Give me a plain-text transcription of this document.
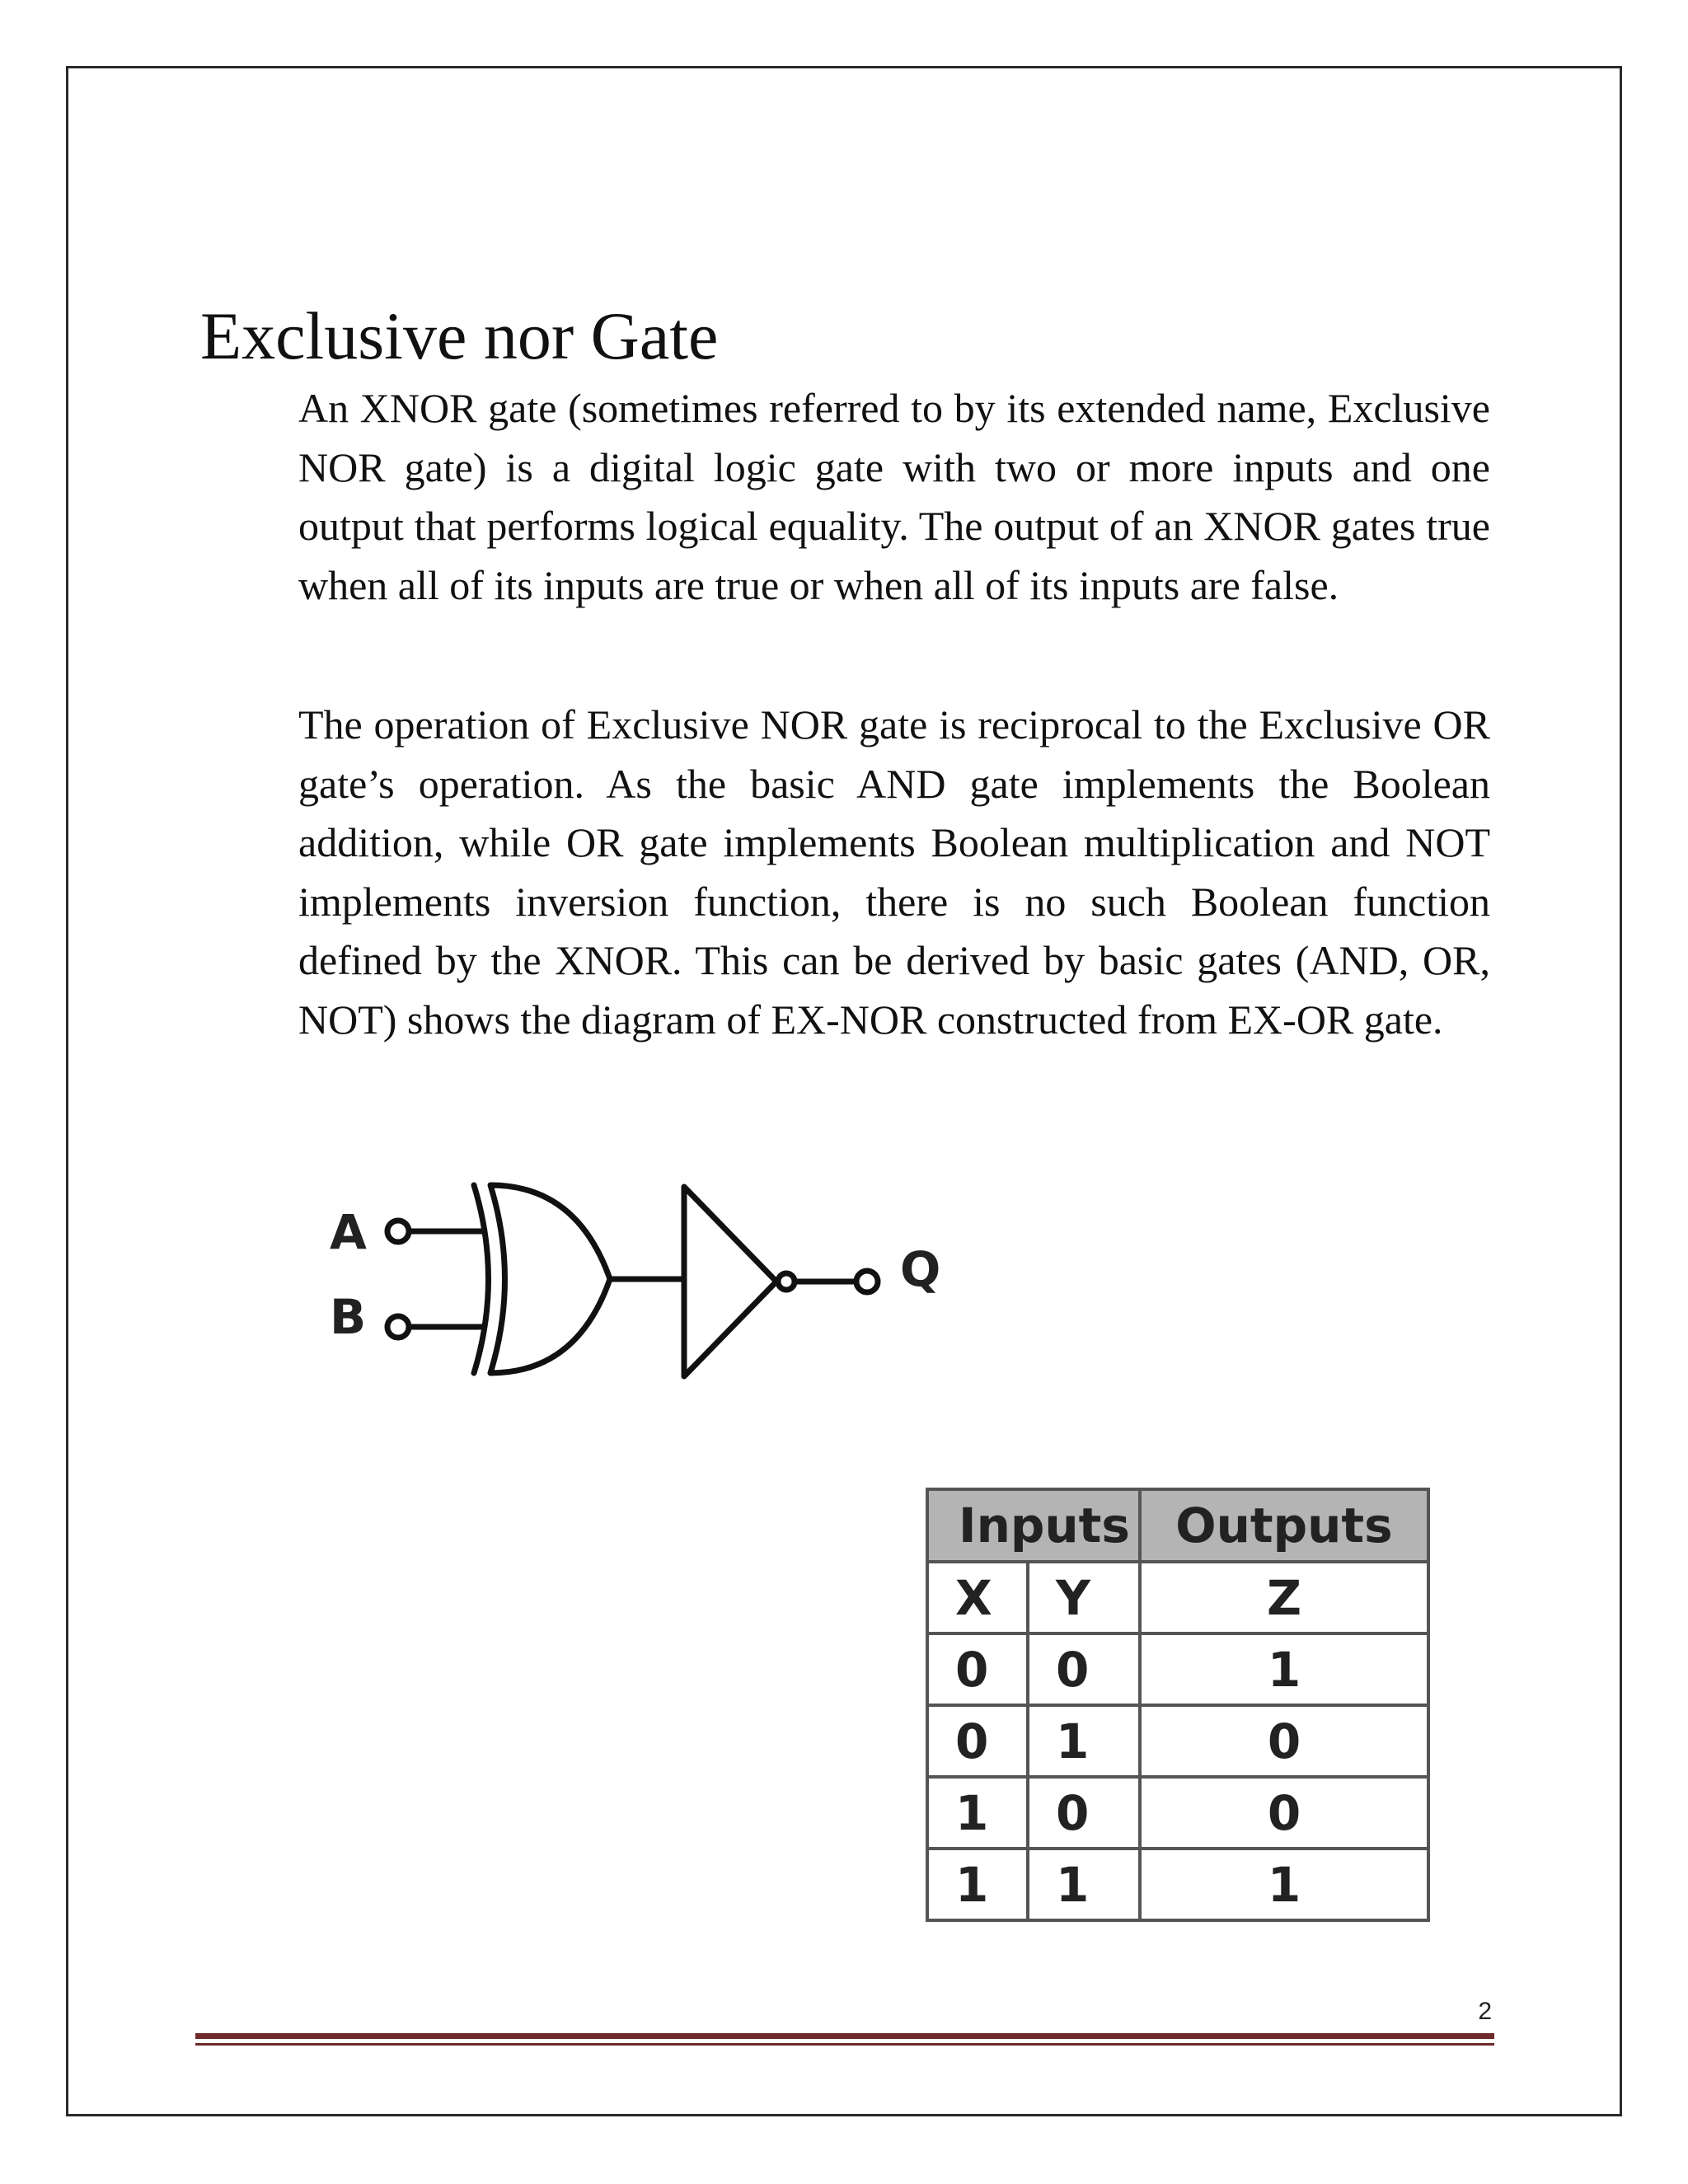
Exclusive nor Gate

An XNOR gate (sometimes referred to by its extended name, Exclusive NOR gate) is a digital logic gate with two or more inputs and one output that performs logical equality. The output of an XNOR gates true when all of its inputs are true or when all of its inputs are false.

The operation of Exclusive NOR gate is reciprocal to the Exclusive OR gate’s operation. As the basic AND gate implements the Boolean addition, while OR gate implements Boolean multiplication and NOT implements inversion function, there is no such Boolean function defined by the XNOR. This can be derived by basic gates (AND, OR, NOT) shows the diagram of EX-NOR constructed from EX-OR gate.

A
B
Q
Inputs		Outputs
X	Y	Z
0	0	1
0	1	0
1	0	0
1	1	1
2
